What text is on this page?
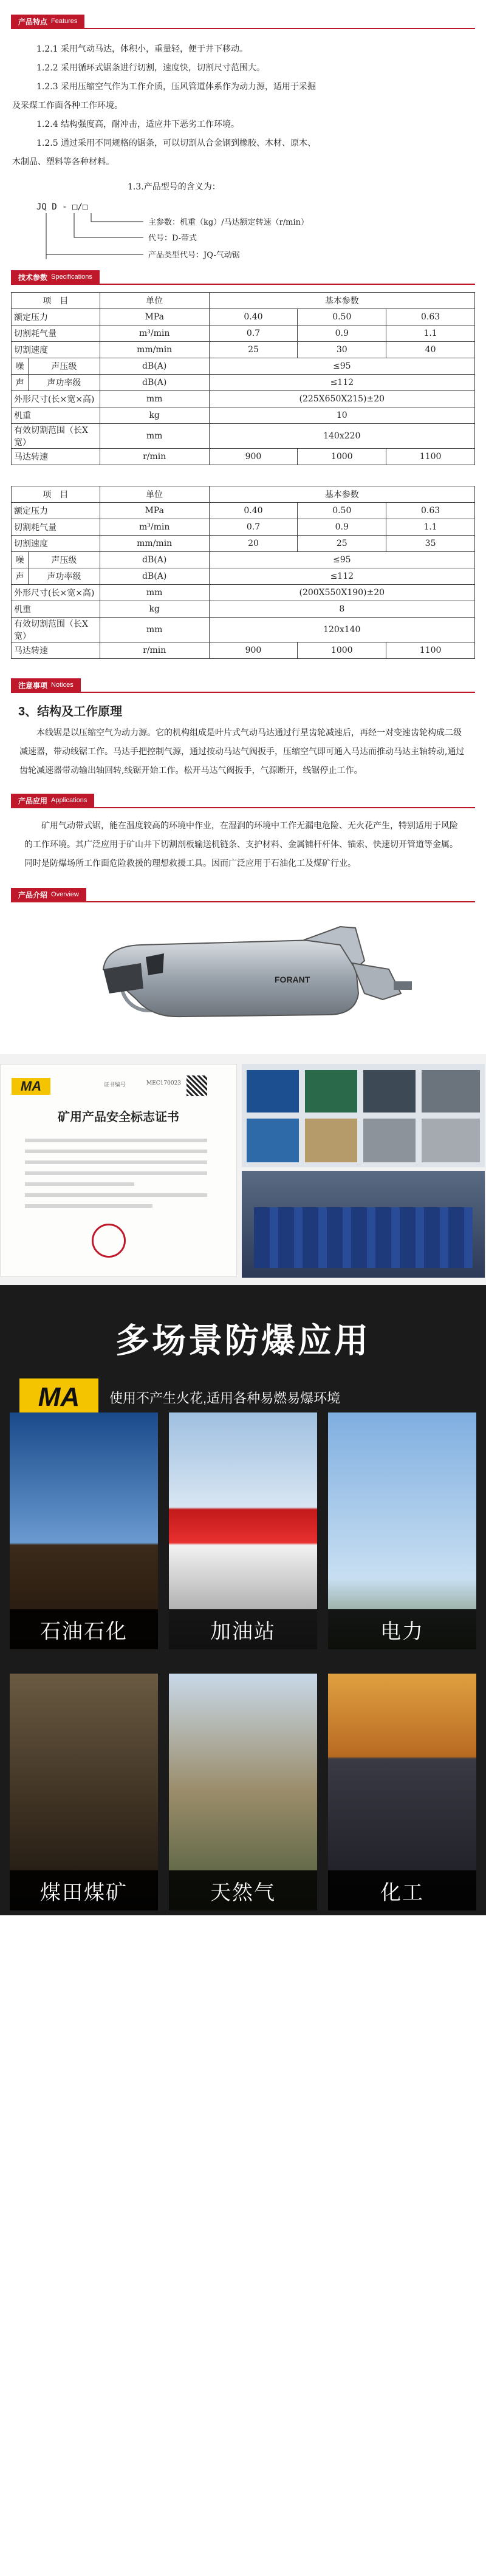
产品特点 Features
1.2.1 采用气动马达，体积小，重量轻，便于井下移动。
1.2.2 采用循环式锯条进行切割，速度快，切割尺寸范围大。
1.2.3 采用压缩空气作为工作介质，压风管道体系作为动力源，适用于采掘
及采煤工作面各种工作环境。
1.2.4 结构强度高，耐冲击，适应井下恶劣工作环境。
1.2.5 通过采用不同规格的锯条，可以切割从合金钢到橡胶、木材、原木、
木制品、塑料等各种材料。
1.3.产品型号的含义为：
JQ D - □/□
主参数：机重（kg）/马达额定转速（r/min）
代号：D-带式
产品类型代号：JQ-气动锯
技术参数 Specifications
项　目		单位	基本参数		
额定压力		MPa	0.40	0.50	0.63
切割耗气量		m³/min	0.7	0.9	1.1
切割速度		mm/min	25	30	40
噪	声压级	dB(A)	≤95		
声	声功率级	dB(A)	≤112		
外形尺寸(长×宽×高)		mm	(225X650X215)±20		
机重		kg	10		
有效切割范围（长X宽）		mm	140x220		
马达转速		r/min	900	1000	1100
项　目		单位	基本参数		
额定压力		MPa	0.40	0.50	0.63
切割耗气量		m³/min	0.7	0.9	1.1
切割速度		mm/min	20	25	35
噪	声压级	dB(A)	≤95		
声	声功率级	dB(A)	≤112		
外形尺寸(长×宽×高)		mm	(200X550X190)±20		
机重		kg	8		
有效切割范围（长X宽）		mm	120x140		
马达转速		r/min	900	1000	1100
注意事项 Notices
3、结构及工作原理

本线锯是以压缩空气为动力源。它的机构组成是叶片式气动马达通过行星齿轮减速后，再经一对变速齿轮构成二级减速器，带动线锯工作。马达手把控制气源，通过按动马达气阀扳手，压缩空气即可通入马达而推动马达主轴转动,通过齿轮减速器带动输出轴回转,线锯开始工作。松开马达气阀扳手，气源断开，线锯停止工作。

产品应用 Applications

矿用气动带式锯，能在温度较高的环境中作业，在湿润的环境中工作无漏电危险、无火花产生，特别适用于风险的工作环境。其广泛应用于矿山井下切割剖板输送机链条、支护材料、金属铺杆杆体、锚索、快速切开管道等金属。同时是防爆场所工作面危险救援的理想救援工具。因而广泛应用于石油化工及煤矿行业。

产品介绍 Overview
FORANT
MA	证书编号	MEC170023
矿用产品安全标志证书
多场景防爆应用
MA	使用不产生火花,适用各种易燃易爆环境
石油石化	加油站	电力
煤田煤矿	天然气	化工
